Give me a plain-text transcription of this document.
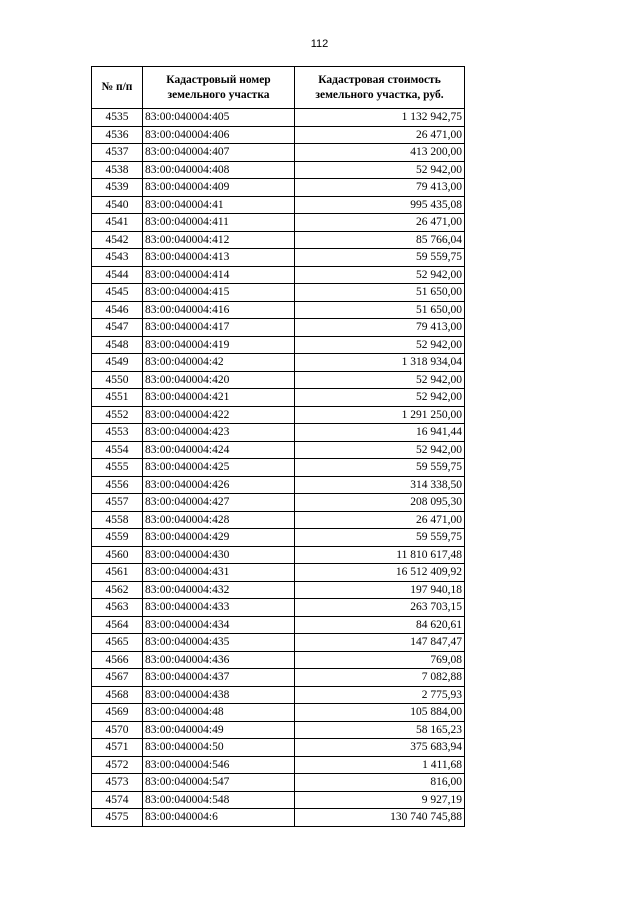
112
№ п/п	Кадастровый номер земельного участка	Кадастровая стоимость земельного участка, руб.
4535	83:00:040004:405	1 132 942,75
4536	83:00:040004:406	26 471,00
4537	83:00:040004:407	413 200,00
4538	83:00:040004:408	52 942,00
4539	83:00:040004:409	79 413,00
4540	83:00:040004:41	995 435,08
4541	83:00:040004:411	26 471,00
4542	83:00:040004:412	85 766,04
4543	83:00:040004:413	59 559,75
4544	83:00:040004:414	52 942,00
4545	83:00:040004:415	51 650,00
4546	83:00:040004:416	51 650,00
4547	83:00:040004:417	79 413,00
4548	83:00:040004:419	52 942,00
4549	83:00:040004:42	1 318 934,04
4550	83:00:040004:420	52 942,00
4551	83:00:040004:421	52 942,00
4552	83:00:040004:422	1 291 250,00
4553	83:00:040004:423	16 941,44
4554	83:00:040004:424	52 942,00
4555	83:00:040004:425	59 559,75
4556	83:00:040004:426	314 338,50
4557	83:00:040004:427	208 095,30
4558	83:00:040004:428	26 471,00
4559	83:00:040004:429	59 559,75
4560	83:00:040004:430	11 810 617,48
4561	83:00:040004:431	16 512 409,92
4562	83:00:040004:432	197 940,18
4563	83:00:040004:433	263 703,15
4564	83:00:040004:434	84 620,61
4565	83:00:040004:435	147 847,47
4566	83:00:040004:436	769,08
4567	83:00:040004:437	7 082,88
4568	83:00:040004:438	2 775,93
4569	83:00:040004:48	105 884,00
4570	83:00:040004:49	58 165,23
4571	83:00:040004:50	375 683,94
4572	83:00:040004:546	1 411,68
4573	83:00:040004:547	816,00
4574	83:00:040004:548	9 927,19
4575	83:00:040004:6	130 740 745,88
